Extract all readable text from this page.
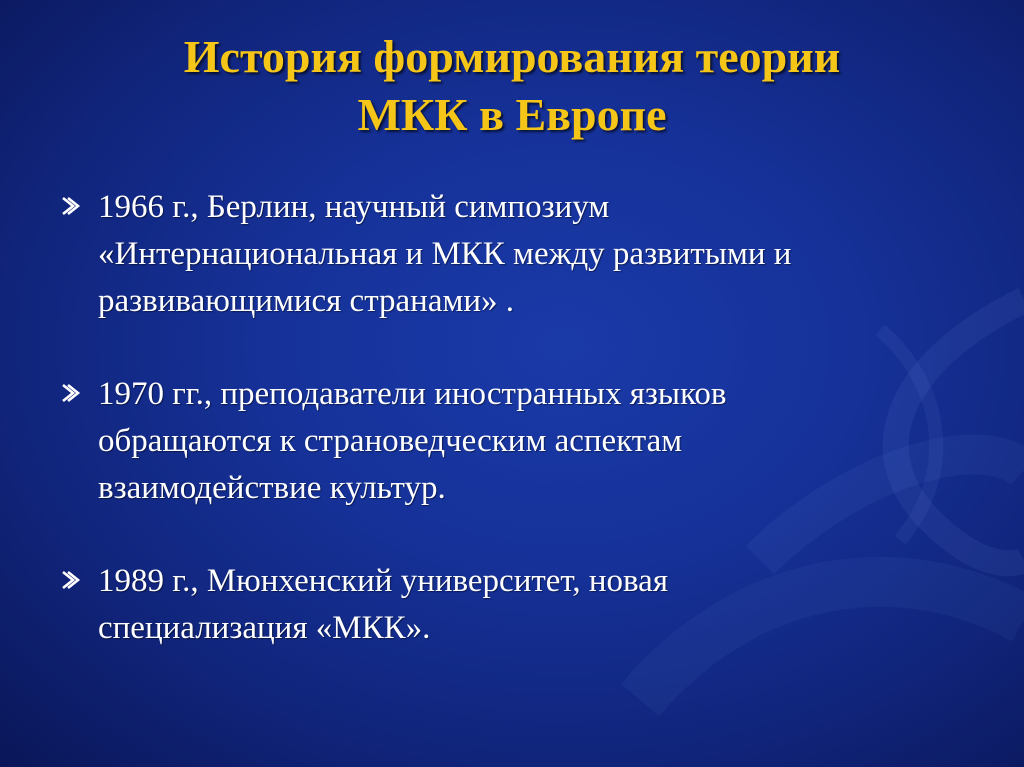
История формирования теории
МКК в Европе
1966 г., Берлин, научный симпозиум
«Интернациональная и МКК между развитыми и
развивающимися странами» .
1970 гг., преподаватели иностранных языков
обращаются к страноведческим аспектам
взаимодействие культур.
1989 г., Мюнхенский университет, новая
специализация «МКК».
